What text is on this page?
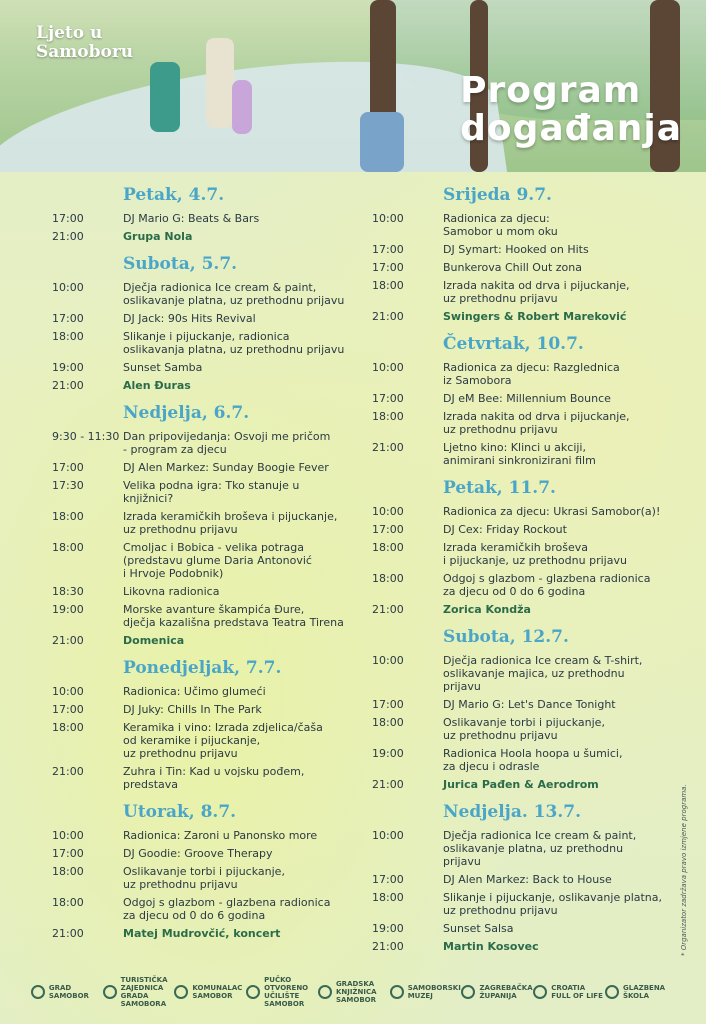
Ljeto u
Samoboru
Program
događanja
Petak, 4.7.
17:00	DJ Mario G: Beats & Bars
21:00	Grupa Nola
Subota, 5.7.
10:00	Dječja radionica Ice cream & paint,
oslikavanje platna, uz prethodnu prijavu
17:00	DJ Jack: 90s Hits Revival
18:00	Slikanje i pijuckanje, radionica
oslikavanja platna, uz prethodnu prijavu
19:00	Sunset Samba
21:00	Alen Đuras
Nedjelja, 6.7.
9:30 - 11:30 Dan pripovijedanja: Osvoji me pričom
- program za djecu
17:00	DJ Alen Markez: Sunday Boogie Fever
17:30	Velika podna igra: Tko stanuje u
knjižnici?
18:00	Izrada keramičkih broševa i pijuckanje,
uz prethodnu prijavu
18:00	Cmoljac i Bobica - velika potraga
(predstavu glume Daria Antonović
i Hrvoje Podobnik)
18:30	Likovna radionica
19:00	Morske avanture škampića Đure,
dječja kazališna predstava Teatra Tirena
21:00	Domenica
Ponedjeljak, 7.7.
10:00	Radionica: Učimo glumeći
17:00	DJ Juky: Chills In The Park
18:00	Keramika i vino: Izrada zdjelica/čaša
od keramike i pijuckanje,
uz prethodnu prijavu
21:00	Zuhra i Tin: Kad u vojsku pođem,
predstava
Utorak, 8.7.
10:00	Radionica: Zaroni u Panonsko more
17:00	DJ Goodie: Groove Therapy
18:00	Oslikavanje torbi i pijuckanje,
uz prethodnu prijavu
18:00	Odgoj s glazbom - glazbena radionica
za djecu od 0 do 6 godina
21:00	Matej Mudrovčić, koncert
Srijeda 9.7.
10:00	Radionica za djecu:
Samobor u mom oku
17:00	DJ Symart: Hooked on Hits
17:00	Bunkerova Chill Out zona
18:00	Izrada nakita od drva i pijuckanje,
uz prethodnu prijavu
21:00	Swingers & Robert Mareković
Četvrtak, 10.7.
10:00	Radionica za djecu: Razglednica
iz Samobora
17:00	DJ eM Bee: Millennium Bounce
18:00	Izrada nakita od drva i pijuckanje,
uz prethodnu prijavu
21:00	Ljetno kino: Klinci u akciji,
animirani sinkronizirani film
Petak, 11.7.
10:00	Radionica za djecu: Ukrasi Samobor(a)!
17:00	DJ Cex: Friday Rockout
18:00	Izrada keramičkih broševa
i pijuckanje, uz prethodnu prijavu
18:00	Odgoj s glazbom - glazbena radionica
za djecu od 0 do 6 godina
21:00	Zorica Kondža
Subota, 12.7.
10:00	Dječja radionica Ice cream & T-shirt,
oslikavanje majica, uz prethodnu
prijavu
17:00	DJ Mario G: Let's Dance Tonight
18:00	Oslikavanje torbi i pijuckanje,
uz prethodnu prijavu
19:00	Radionica Hoola hoopa u šumici,
za djecu i odrasle
21:00	Jurica Pađen & Aerodrom
Nedjelja. 13.7.
10:00	Dječja radionica Ice cream & paint,
oslikavanje platna, uz prethodnu
prijavu
17:00	DJ Alen Markez: Back to House
18:00	Slikanje i pijuckanje, oslikavanje platna,
uz prethodnu prijavu
19:00	Sunset Salsa
21:00	Martin Kosovec	* Organizator zadržava pravo izmjene programa.
GRAD SAMOBOR
TURISTIČKA ZAJEDNICA GRADA SAMOBORA
KOMUNALAC SAMOBOR
PUČKO OTVORENO UČILIŠTE SAMOBOR
GRADSKA KNJIŽNICA SAMOBOR
SAMOBORSKI MUZEJ
ZAGREBAČKA ŽUPANIJA
CROATIA FULL OF LIFE
GLAZBENA ŠKOLA
